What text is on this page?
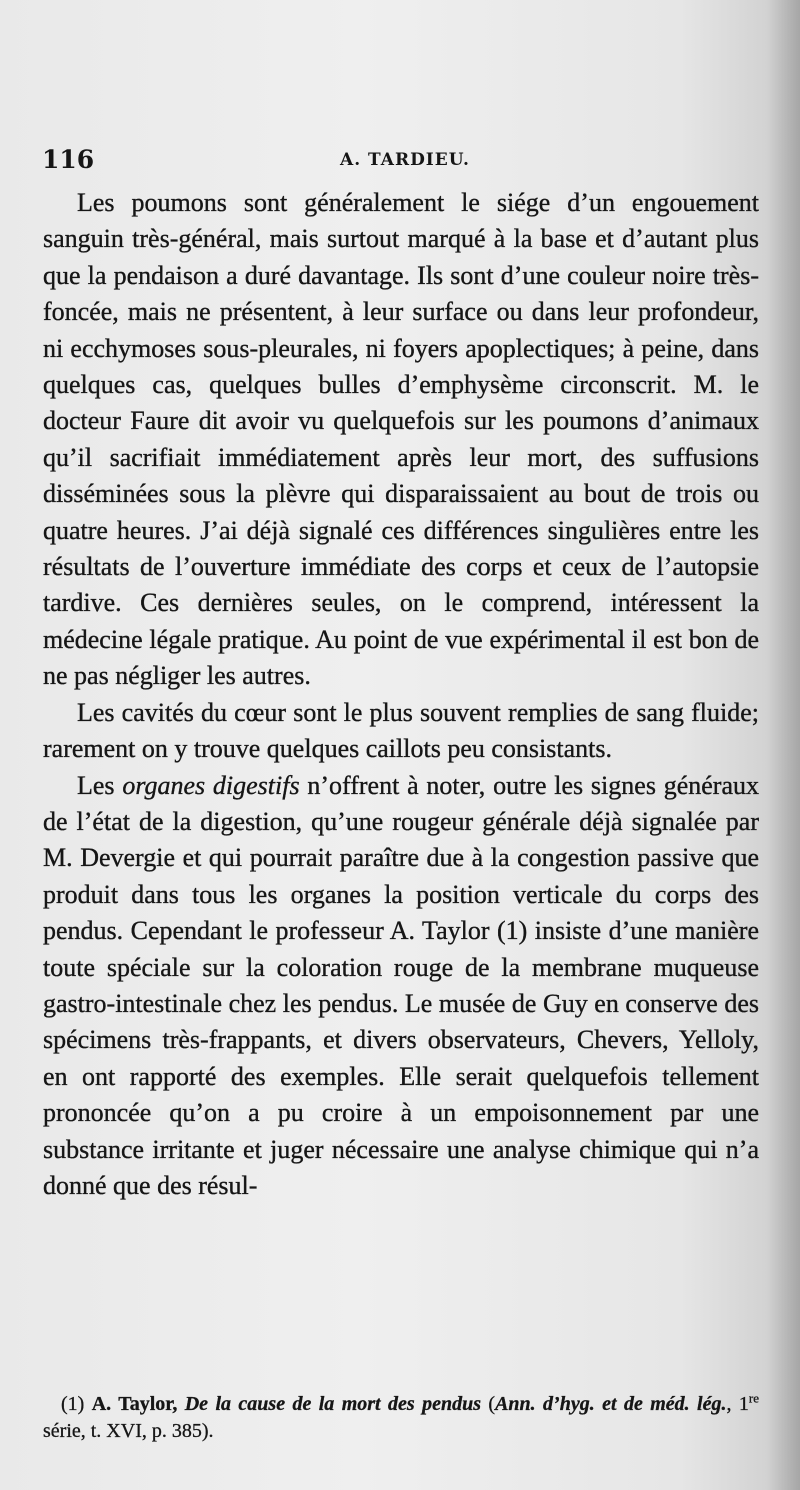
116	A. TARDIEU.

Les poumons sont généralement le siége d’un engouement sanguin très-général, mais surtout marqué à la base et d’autant plus que la pendaison a duré davantage. Ils sont d’une couleur noire très-foncée, mais ne présentent, à leur surface ou dans leur profondeur, ni ecchymoses sous-pleurales, ni foyers apoplectiques; à peine, dans quelques cas, quelques bulles d’emphysème circonscrit. M. le docteur Faure dit avoir vu quelquefois sur les poumons d’animaux qu’il sacrifiait immédiatement après leur mort, des suffusions disséminées sous la plèvre qui disparaissaient au bout de trois ou quatre heures. J’ai déjà signalé ces différences singulières entre les résultats de l’ouverture immédiate des corps et ceux de l’autopsie tardive. Ces dernières seules, on le comprend, intéressent la médecine légale pratique. Au point de vue expérimental il est bon de ne pas négliger les autres.

Les cavités du cœur sont le plus souvent remplies de sang fluide; rarement on y trouve quelques caillots peu consistants.

Les organes digestifs n’offrent à noter, outre les signes généraux de l’état de la digestion, qu’une rougeur générale déjà signalée par M. Devergie et qui pourrait paraître due à la congestion passive que produit dans tous les organes la position verticale du corps des pendus. Cependant le professeur A. Taylor (1) insiste d’une manière toute spéciale sur la coloration rouge de la membrane muqueuse gastro-intestinale chez les pendus. Le musée de Guy en conserve des spécimens très-frappants, et divers observateurs, Chevers, Yelloly, en ont rapporté des exemples. Elle serait quelquefois tellement prononcée qu’on a pu croire à un empoisonnement par une substance irritante et juger nécessaire une analyse chimique qui n’a donné que des résul-

(1) A. Taylor, De la cause de la mort des pendus (Ann. d’hyg. et de méd. lég., 1re série, t. XVI, p. 385).
